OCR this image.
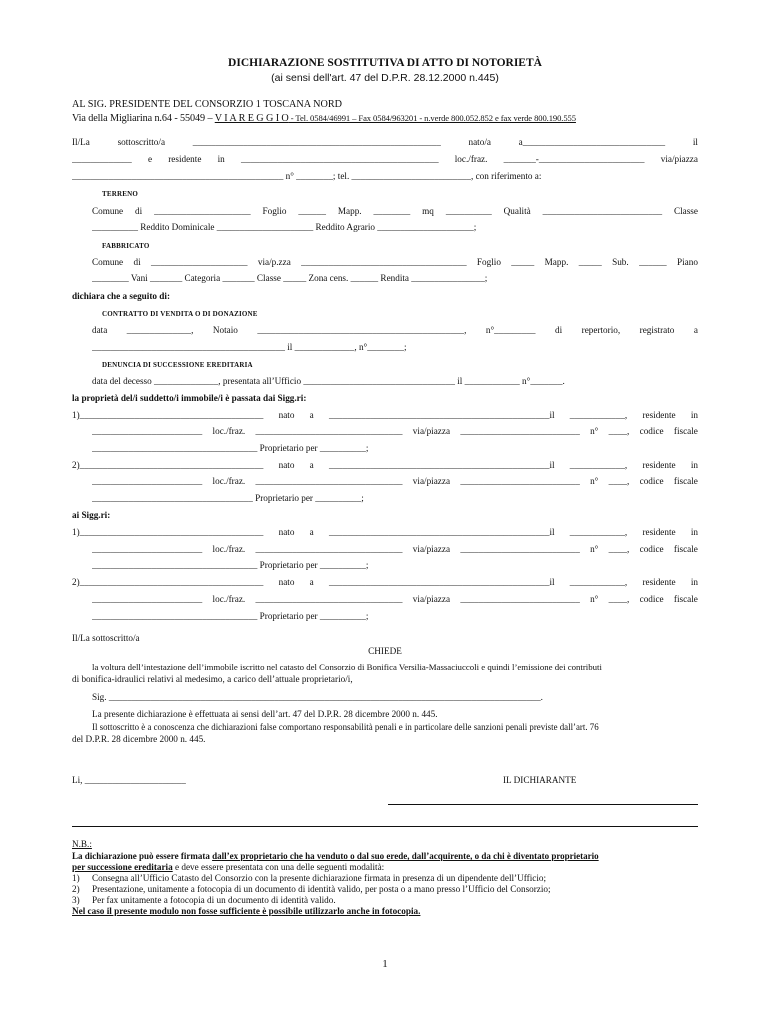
DICHIARAZIONE SOSTITUTIVA DI ATTO DI NOTORIETÀ
(ai sensi dell'art. 47 del D.P.R. 28.12.2000 n.445)
AL SIG. PRESIDENTE DEL CONSORZIO 1 TOSCANA NORD
Via della Migliarina n.64 - 55049 – V I A R E G G I O - Tel. 0584/46991 – Fax 0584/963201 - n.verde 800.052.852 e fax verde 800.190.555
Il/La	sottoscritto/a	______________________________________________________	nato/a	a_______________________________	il
_____________ e residente in ___________________________________________ loc./fraz. _______-_______________________ via/piazza
______________________________________________ n° ________; tel. __________________________, con riferimento a:
TERRENO
Comune di _____________________ Foglio ______ Mapp. ________ mq __________ Qualità __________________________ Classe
__________ Reddito Dominicale _____________________ Reddito Agrario _____________________;
FABBRICATO
Comune di _____________________ via/p.zza ____________________________________ Foglio _____ Mapp. _____ Sub. ______ Piano
________ Vani _______ Categoria _______ Classe _____ Zona cens. ______ Rendita ________________;
dichiara che a seguito di:
CONTRATTO DI VENDITA O DI DONAZIONE
data ______________, Notaio _____________________________________________, n°_________ di repertorio, registrato a
__________________________________________ il _____________, n°________;
DENUNCIA DI SUCCESSIONE EREDITARIA
data del decesso ______________, presentata all’Ufficio _________________________________ il ____________ n°_______.
la proprietà del/i suddetto/i immobile/i è passata dai Sigg.ri:
1)________________________________________ nato a ________________________________________________il ____________, residente in
________________________ loc./fraz. ________________________________ via/piazza __________________________ n° ____, codice fiscale
____________________________________ Proprietario per __________;
2)________________________________________ nato a ________________________________________________il ____________, residente in
________________________ loc./fraz. ________________________________ via/piazza __________________________ n° ____, codice fiscale
___________________________________ Proprietario per __________;
ai Sigg.ri:
1)________________________________________ nato a ________________________________________________il ____________, residente in
________________________ loc./fraz. ________________________________ via/piazza __________________________ n° ____, codice fiscale
____________________________________ Proprietario per __________;
2)________________________________________ nato a ________________________________________________il ____________, residente in
________________________ loc./fraz. ________________________________ via/piazza __________________________ n° ____, codice fiscale
____________________________________ Proprietario per __________;
Il/La sottoscritto/a
CHIEDE
la voltura dell’intestazione dell’immobile iscritto nel catasto del Consorzio di Bonifica Versilia-Massaciuccoli e quindi l’emissione dei contributi
di bonifica-idraulici relativi al medesimo, a carico dell’attuale proprietario/i,
Sig. ______________________________________________________________________________________________.
La presente dichiarazione è effettuata ai sensi dell’art. 47 del D.P.R. 28 dicembre 2000 n. 445.
Il sottoscritto è a conoscenza che dichiarazioni false comportano responsabilità penali e in particolare delle sanzioni penali previste dall’art. 76
del D.P.R. 28 dicembre 2000 n. 445.
Li, ______________________	IL DICHIARANTE
N.B.:
La dichiarazione può essere firmata dall’ex proprietario che ha venduto o dal suo erede, dall’acquirente, o da chi è diventato proprietario
per successione ereditaria e deve essere presentata con una delle seguenti modalità:
1) Consegna all’Ufficio Catasto del Consorzio con la presente dichiarazione firmata in presenza di un dipendente dell’Ufficio;
2) Presentazione, unitamente a fotocopia di un documento di identità valido, per posta o a mano presso l’Ufficio del Consorzio;
3) Per fax unitamente a fotocopia di un documento di identità valido.
Nel caso il presente modulo non fosse sufficiente è possibile utilizzarlo anche in fotocopia.
1
